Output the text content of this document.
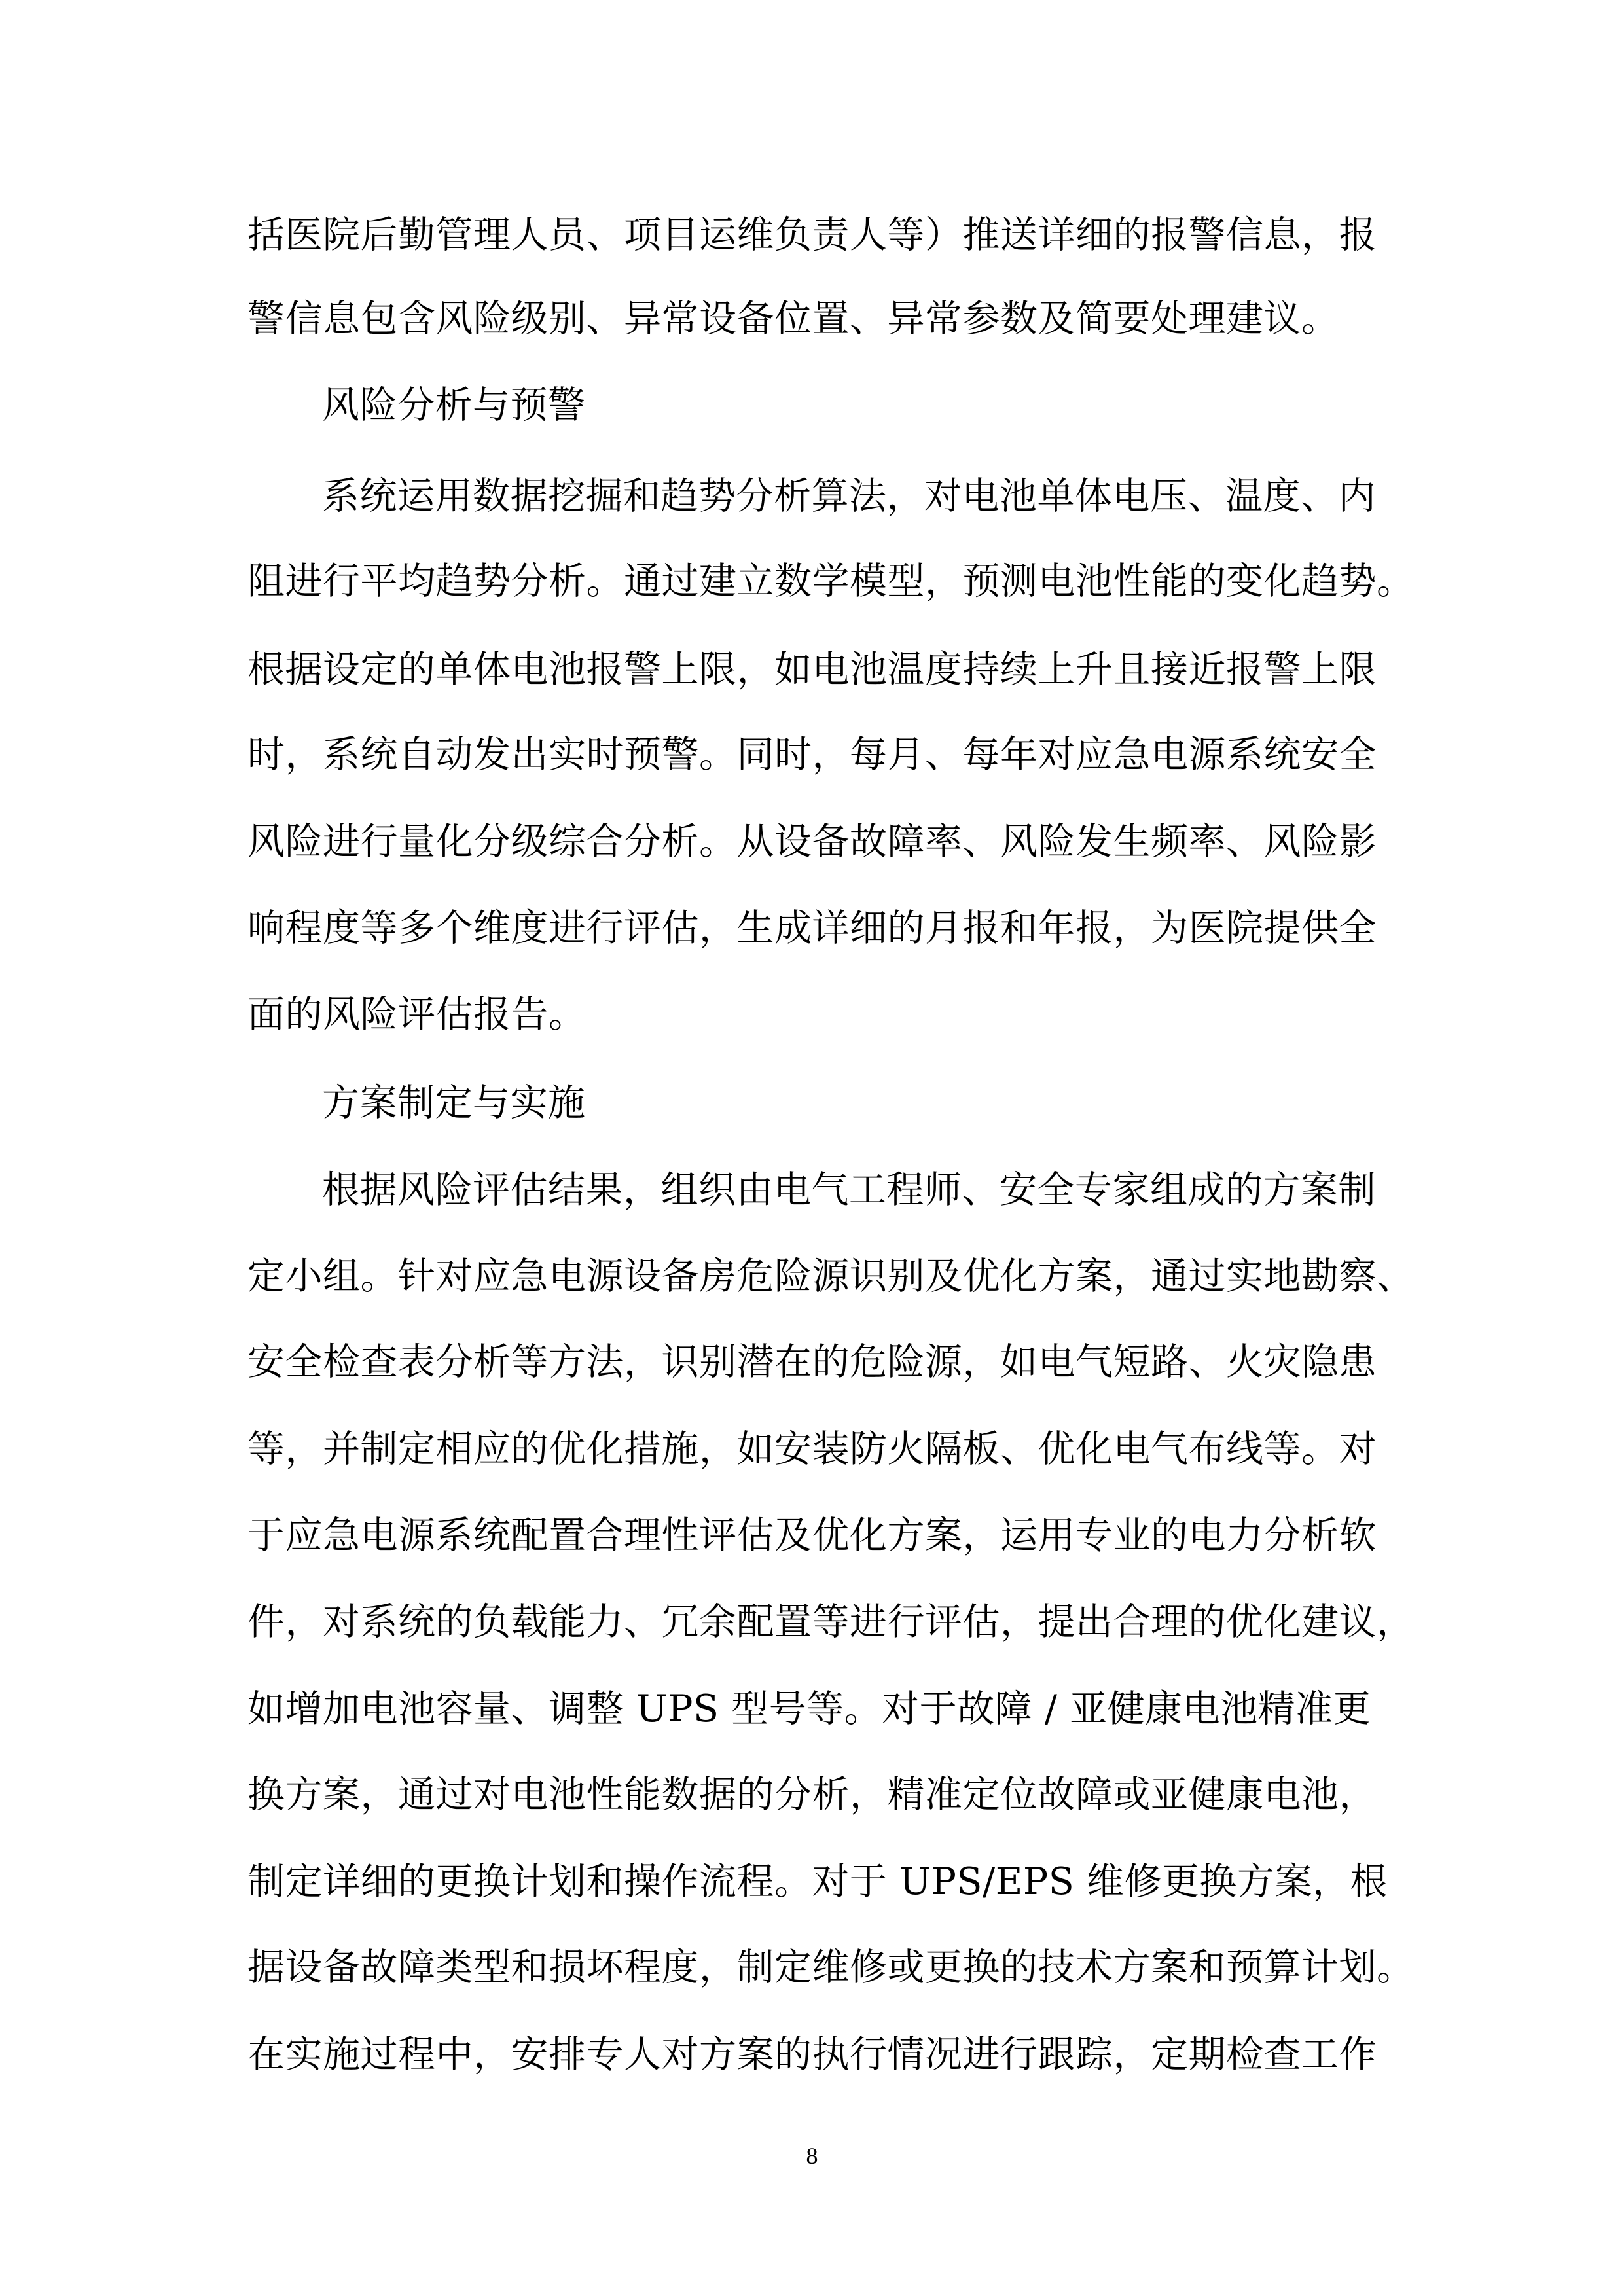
括医院后勤管理人员、项目运维负责人等）推送详细的报警信息，报
警信息包含风险级别、异常设备位置、异常参数及简要处理建议。
风险分析与预警
系统运用数据挖掘和趋势分析算法，对电池单体电压、温度、内
阻进行平均趋势分析。通过建立数学模型，预测电池性能的变化趋势。
根据设定的单体电池报警上限，如电池温度持续上升且接近报警上限
时，系统自动发出实时预警。同时，每月、每年对应急电源系统安全
风险进行量化分级综合分析。从设备故障率、风险发生频率、风险影
响程度等多个维度进行评估，生成详细的月报和年报，为医院提供全
面的风险评估报告。
方案制定与实施
根据风险评估结果，组织由电气工程师、安全专家组成的方案制
定小组。针对应急电源设备房危险源识别及优化方案，通过实地勘察、
安全检查表分析等方法，识别潜在的危险源，如电气短路、火灾隐患
等，并制定相应的优化措施，如安装防火隔板、优化电气布线等。对
于应急电源系统配置合理性评估及优化方案，运用专业的电力分析软
件，对系统的负载能力、冗余配置等进行评估，提出合理的优化建议，
如增加电池容量、调整 UPS 型号等。对于故障 / 亚健康电池精准更
换方案，通过对电池性能数据的分析，精准定位故障或亚健康电池，
制定详细的更换计划和操作流程。对于 UPS/EPS 维修更换方案，根
据设备故障类型和损坏程度，制定维修或更换的技术方案和预算计划。
在实施过程中，安排专人对方案的执行情况进行跟踪，定期检查工作
8
